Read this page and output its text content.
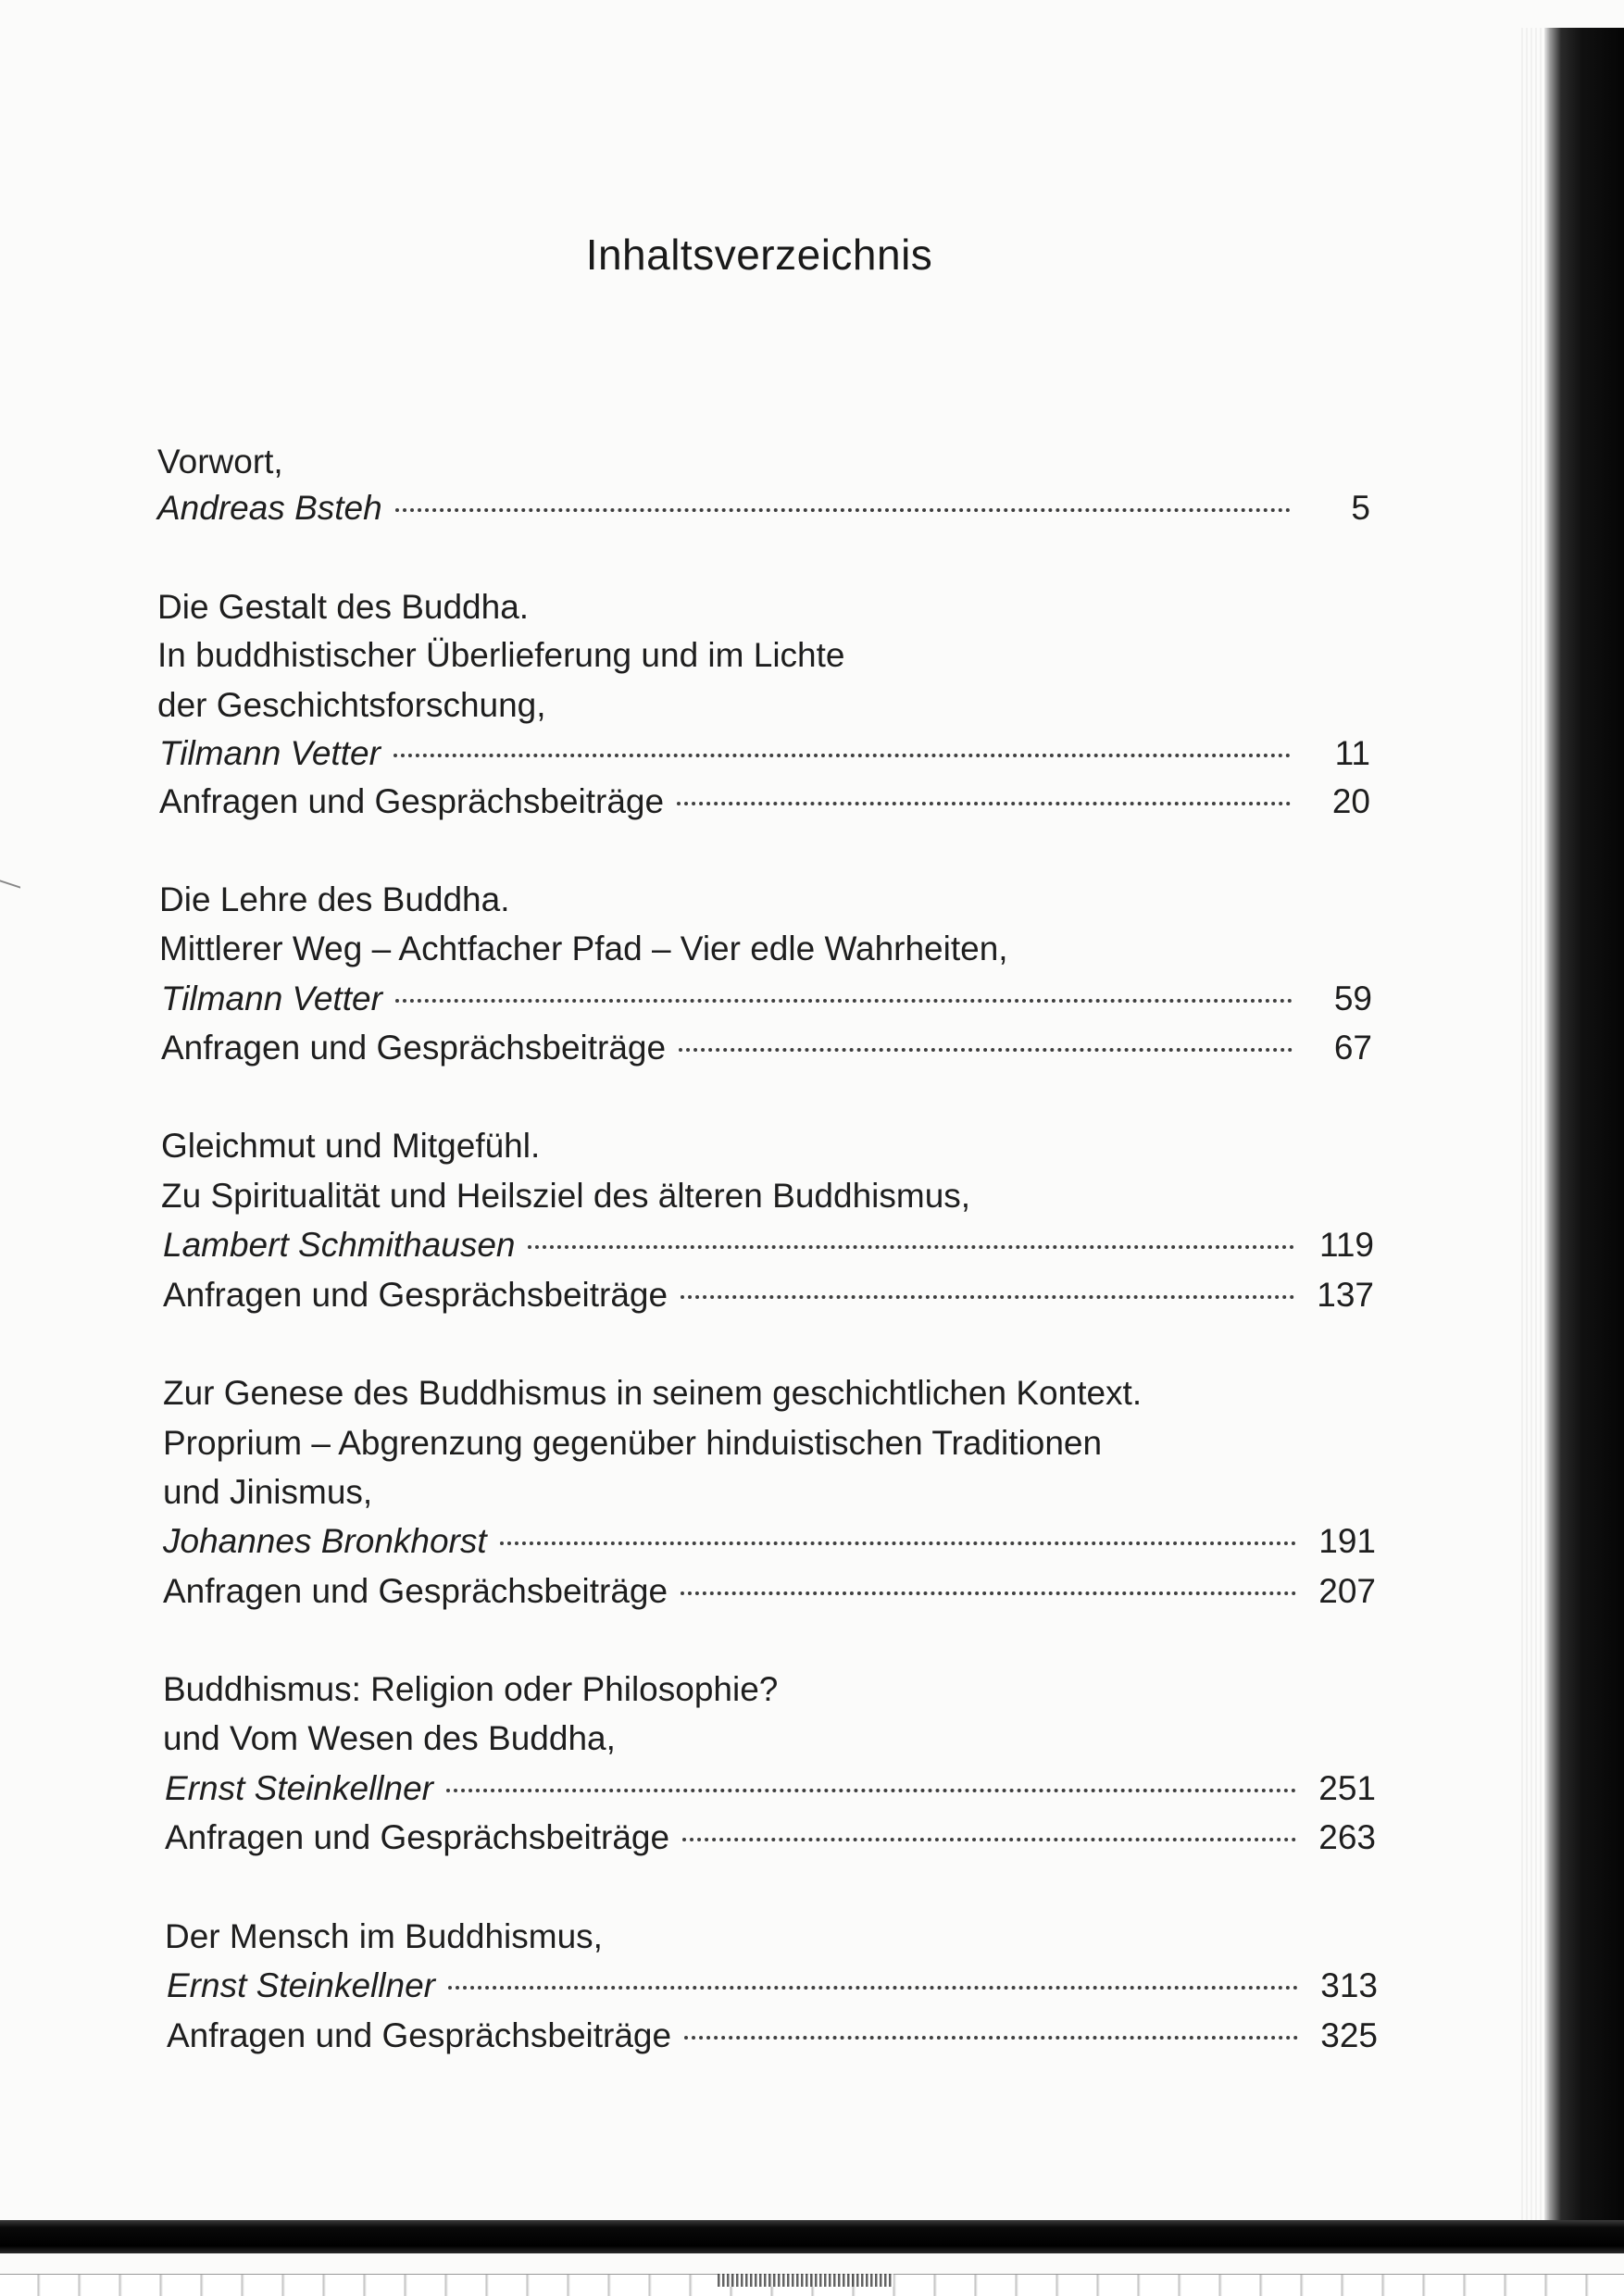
Inhaltsverzeichnis
Vorwort,
Andreas Bsteh	5
Die Gestalt des Buddha.
In buddhistischer Überlieferung und im Lichte
der Geschichtsforschung,
Tilmann Vetter	11
Anfragen und Gesprächsbeiträge	20
Die Lehre des Buddha.
Mittlerer Weg – Achtfacher Pfad – Vier edle Wahrheiten,
Tilmann Vetter	59
Anfragen und Gesprächsbeiträge	67
Gleichmut und Mitgefühl.
Zu Spiritualität und Heilsziel des älteren Buddhismus,
Lambert Schmithausen	119
Anfragen und Gesprächsbeiträge	137
Zur Genese des Buddhismus in seinem geschichtlichen Kontext.
Proprium – Abgrenzung gegenüber hinduistischen Traditionen
und Jinismus,
Johannes Bronkhorst	191
Anfragen und Gesprächsbeiträge	207
Buddhismus: Religion oder Philosophie?
und Vom Wesen des Buddha,
Ernst Steinkellner	251
Anfragen und Gesprächsbeiträge	263
Der Mensch im Buddhismus,
Ernst Steinkellner	313
Anfragen und Gesprächsbeiträge	325
